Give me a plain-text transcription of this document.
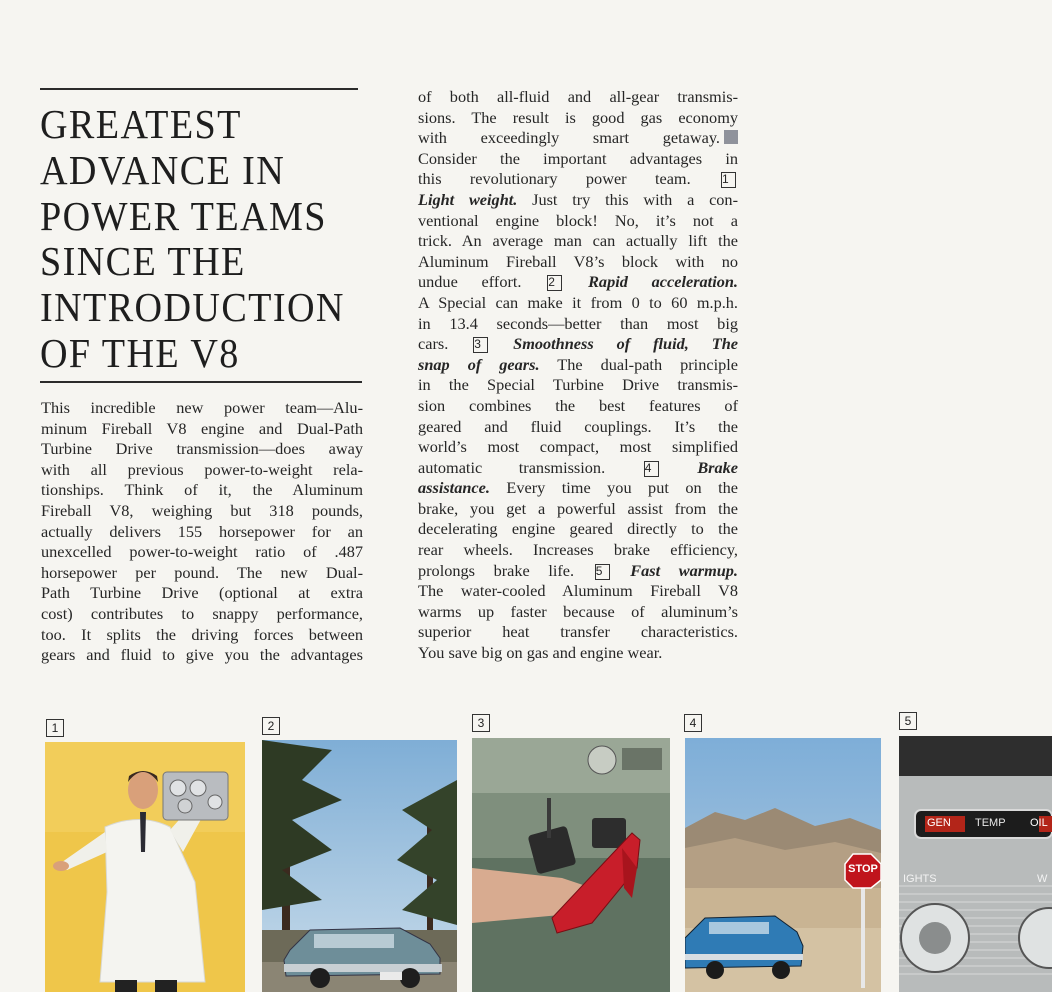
GREATEST
ADVANCE IN
POWER TEAMS
SINCE THE
INTRODUCTION
OF THE V8
This incredible new power team—Alu-
minum Fireball V8 engine and Dual-Path
Turbine Drive transmission—does away
with all previous power-to-weight rela-
tionships. Think of it, the Aluminum
Fireball V8, weighing but 318 pounds,
actually delivers 155 horsepower for an
unexcelled power-to-weight ratio of .487
horsepower per pound. The new Dual-
Path Turbine Drive (optional at extra
cost) contributes to snappy performance,
too. It splits the driving forces between
gears and fluid to give you the advantages
of both all-fluid and all-gear transmis-
sions. The result is good gas economy
with exceedingly smart getaway.
Consider the important advantages in
this revolutionary power team.	1
Light weight. Just try this with a con-
ventional engine block! No, it’s not a
trick. An average man can actually lift the
Aluminum Fireball V8’s block with no
undue effort. 2 Rapid acceleration.
A Special can make it from 0 to 60 m.p.h.
in 13.4 seconds—better than most big
cars. 3 Smoothness of fluid, The
snap of gears. The dual-path principle
in the Special Turbine Drive transmis-
sion combines the best features of
geared and fluid couplings. It’s the
world’s most compact, most simplified
automatic transmission.	4	Brake
assistance. Every time you put on the
brake, you get a powerful assist from the
decelerating engine geared directly to the
rear wheels. Increases brake efficiency,
prolongs brake life. 5 Fast warmup.
The water-cooled Aluminum Fireball V8
warms up faster because of aluminum’s
superior heat transfer characteristics.
You save big on gas and engine wear.
1	2	3	4	5
STOP
GEN TEMP OIL
IGHTS	W
